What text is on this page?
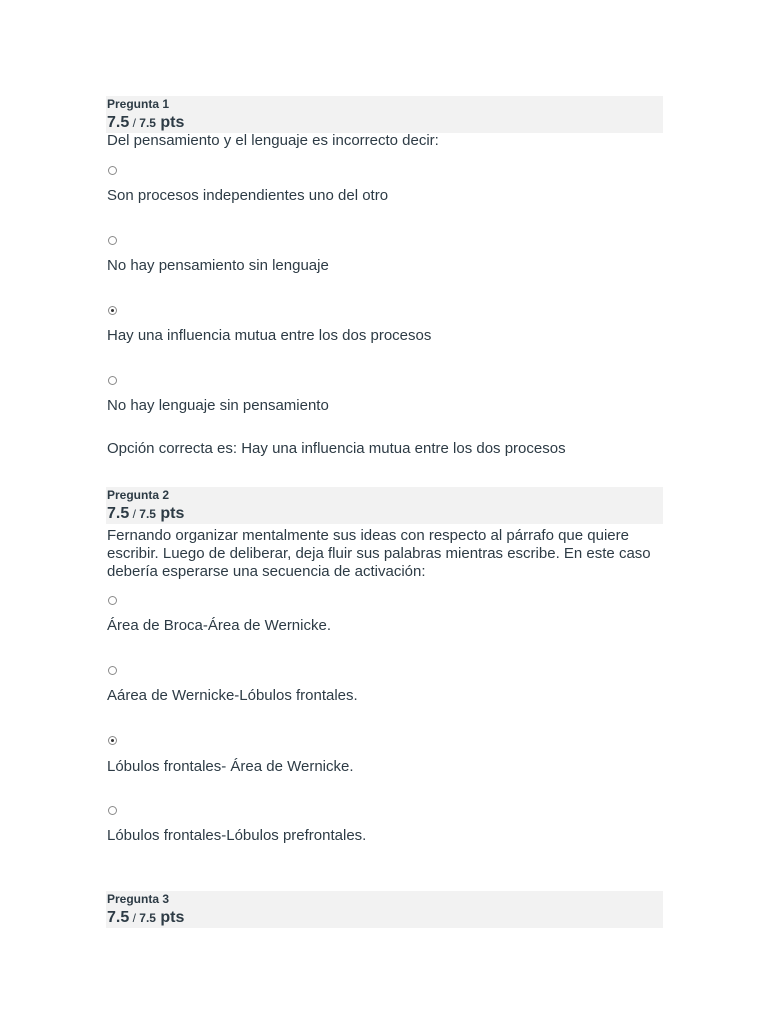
Pregunta 1
7.5 / 7.5 pts
Del pensamiento y el lenguaje es incorrecto decir:
Son procesos independientes uno del otro
No hay pensamiento sin lenguaje
Hay una influencia mutua entre los dos procesos
No hay lenguaje sin pensamiento
Opción correcta es: Hay una influencia mutua entre los dos procesos
Pregunta 2
7.5 / 7.5 pts
Fernando organizar mentalmente sus ideas con respecto al párrafo que quiere
escribir. Luego de deliberar, deja fluir sus palabras mientras escribe. En este caso
debería esperarse una secuencia de activación:
Área de Broca-Área de Wernicke.
Aárea de Wernicke-Lóbulos frontales.
Lóbulos frontales- Área de Wernicke.
Lóbulos frontales-Lóbulos prefrontales.
Pregunta 3
7.5 / 7.5 pts
